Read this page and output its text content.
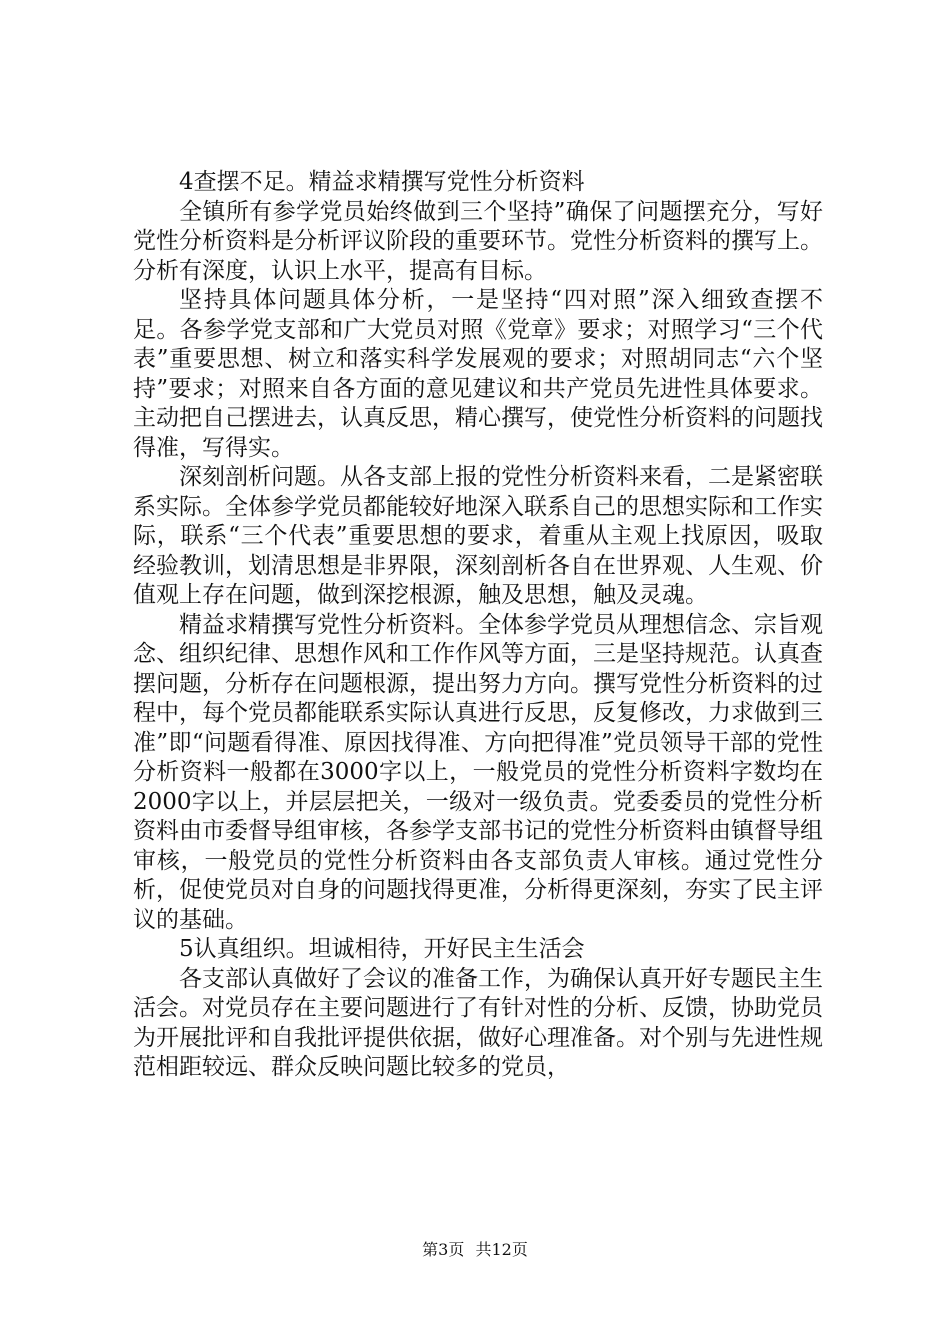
4查摆不足。精益求精撰写党性分析资料

全镇所有参学党员始终做到三个坚持”确保了问题摆充分，写好党性分析资料是分析评议阶段的重要环节。党性分析资料的撰写上。分析有深度，认识上水平，提高有目标。

坚持具体问题具体分析，一是坚持“四对照”深入细致查摆不足。各参学党支部和广大党员对照《党章》要求；对照学习“三个代表”重要思想、树立和落实科学发展观的要求；对照胡同志“六个坚持”要求；对照来自各方面的意见建议和共产党员先进性具体要求。主动把自己摆进去，认真反思，精心撰写，使党性分析资料的问题找得准，写得实。

深刻剖析问题。从各支部上报的党性分析资料来看，二是紧密联系实际。全体参学党员都能较好地深入联系自己的思想实际和工作实际，联系“三个代表”重要思想的要求，着重从主观上找原因，吸取经验教训，划清思想是非界限，深刻剖析各自在世界观、人生观、价值观上存在问题，做到深挖根源，触及思想，触及灵魂。

精益求精撰写党性分析资料。全体参学党员从理想信念、宗旨观念、组织纪律、思想作风和工作作风等方面，三是坚持规范。认真查摆问题，分析存在问题根源，提出努力方向。撰写党性分析资料的过程中，每个党员都能联系实际认真进行反思，反复修改，力求做到三准”即“问题看得准、原因找得准、方向把得准”党员领导干部的党性分析资料一般都在3000字以上，一般党员的党性分析资料字数均在2000字以上，并层层把关，一级对一级负责。党委委员的党性分析资料由市委督导组审核，各参学支部书记的党性分析资料由镇督导组审核，一般党员的党性分析资料由各支部负责人审核。通过党性分析，促使党员对自身的问题找得更准，分析得更深刻，夯实了民主评议的基础。

5认真组织。坦诚相待，开好民主生活会

各支部认真做好了会议的准备工作，为确保认真开好专题民主生活会。对党员存在主要问题进行了有针对性的分析、反馈，协助党员为开展批评和自我批评提供依据，做好心理准备。对个别与先进性规范相距较远、群众反映问题比较多的党员，

第3页 共12页
